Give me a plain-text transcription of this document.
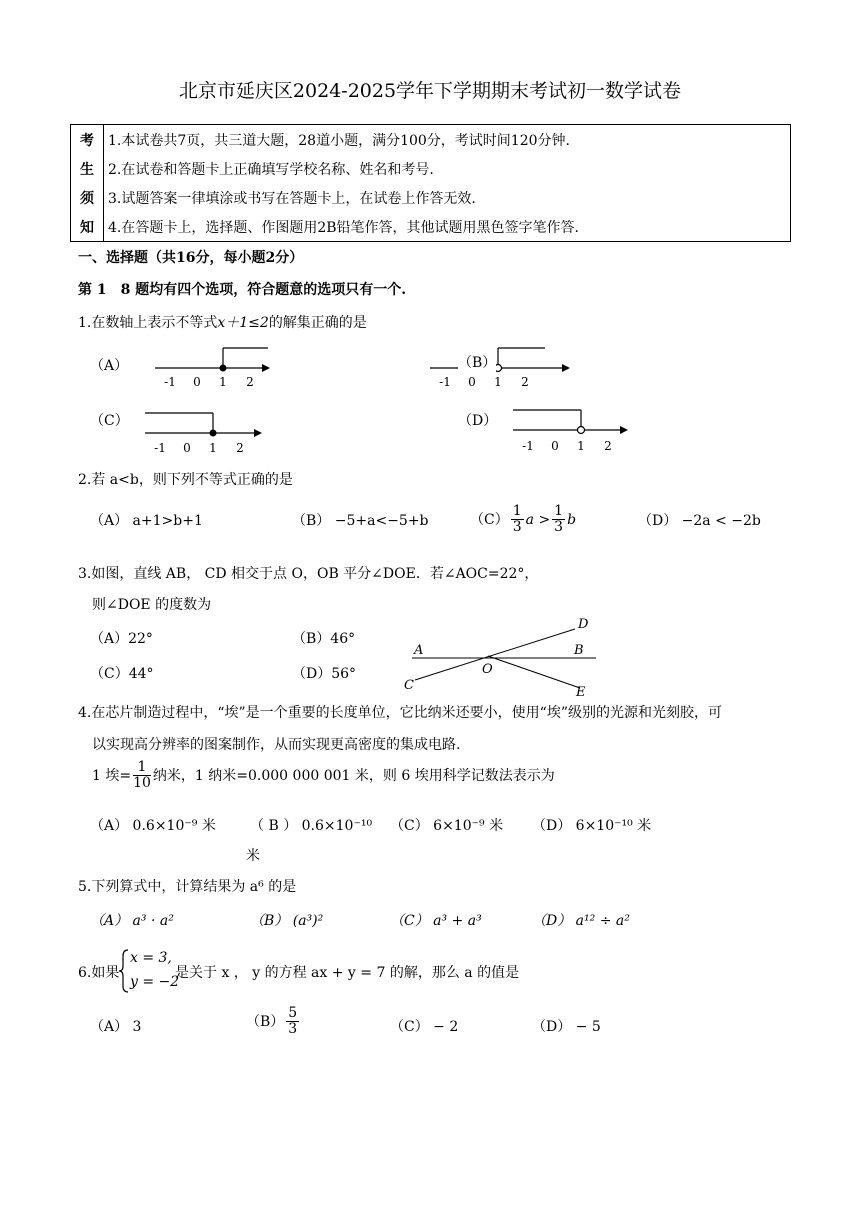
北京市延庆区2024-2025学年下学期期末考试初一数学试卷
考	1.本试卷共7页，共三道大题，28道小题，满分100分，考试时间120分钟.
生	2.在试卷和答题卡上正确填写学校名称、姓名和考号.
须	3.试题答案一律填涂或书写在答题卡上，在试卷上作答无效.
知	4.在答题卡上，选择题、作图题用2B铅笔作答，其他试题用黑色签字笔作答.
一、选择题（共16分，每小题2分）
第 1　8 题均有四个选项，符合题意的选项只有一个.
1.在数轴上表示不等式x＋1≤2的解集正确的是
（A）
-1 0 1 2	-1 0 1 2
（B）
（C）
-1 0 1 2
（D）
-1 0 1 2
2.若 a<b，则下列不等式正确的是
（A） a+1>b+1	（B） −5+a<−5+b	$(C) \frac{1}{3}$ $a > \frac{1}{3}$ b	（D） −2a < −2b
3.如图，直线 AB， CD 相交于点 O，OB 平分∠DOE．若∠AOC=22°，
则∠DOE 的度数为
（A）22°	（B）46°
（C）44°	（D）56°
D
A	B
O
C	E
4.在芯片制造过程中，“埃”是一个重要的长度单位，它比纳米还要小，使用“埃”级别的光源和光刻胶，可
以实现高分辨率的图案制作，从而实现更高密度的集成电路.
1 埃= $\frac{1}{10}$ 纳米，1 纳米=0.000 000 001 米，则 6 埃用科学记数法表示为
（A） 0.6×10⁻⁹ 米 （ B ） 0.6×10⁻¹⁰
米
（C） 6×10⁻⁹ 米 （D） 6×10⁻¹⁰ 米
5.下列算式中，计算结果为 a⁶ 的是
（A） a³ · a²	（B） (a³)²	（C） a³ + a³	（D） a¹² ÷ a²
6.如果
x = 3,
y = −2
是关于 x ， y 的方程 ax + y = 7 的解，那么 a 的值是
（A） 3	$(B) \frac{5}{3}$	（C） − 2	（D） − 5
